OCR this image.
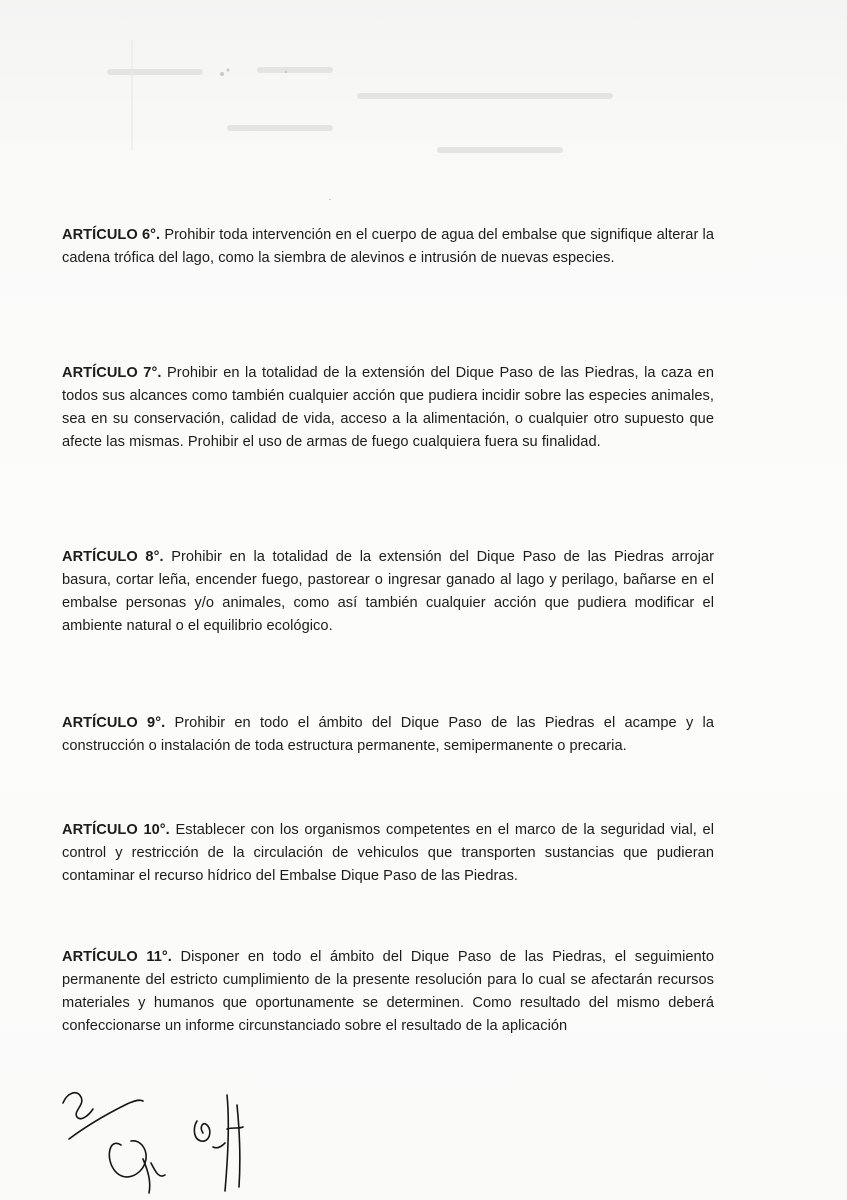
ARTÍCULO 6°. Prohibir toda intervención en el cuerpo de agua del embalse que signifique alterar la cadena trófica del lago, como la siembra de alevinos e intrusión de nuevas especies.
ARTÍCULO 7°. Prohibir en la totalidad de la extensión del Dique Paso de las Piedras, la caza en todos sus alcances como también cualquier acción que pudiera incidir sobre las especies animales, sea en su conservación, calidad de vida, acceso a la alimentación, o cualquier otro supuesto que afecte las mismas. Prohibir el uso de armas de fuego cualquiera fuera su finalidad.
ARTÍCULO 8°. Prohibir en la totalidad de la extensión del Dique Paso de las Piedras arrojar basura, cortar leña, encender fuego, pastorear o ingresar ganado al lago y perilago, bañarse en el embalse personas y/o animales, como así también cualquier acción que pudiera modificar el ambiente natural o el equilibrio ecológico.
ARTÍCULO 9°. Prohibir en todo el ámbito del Dique Paso de las Piedras el acampe y la construcción o instalación de toda estructura permanente, semipermanente o precaria.
ARTÍCULO 10°. Establecer con los organismos competentes en el marco de la seguridad vial, el control y restricción de la circulación de vehiculos que transporten sustancias que pudieran contaminar el recurso hídrico del Embalse Dique Paso de las Piedras.
ARTÍCULO 11°. Disponer en todo el ámbito del Dique Paso de las Piedras, el seguimiento permanente del estricto cumplimiento de la presente resolución para lo cual se afectarán recursos materiales y humanos que oportunamente se determinen. Como resultado del mismo deberá confeccionarse un informe circunstanciado sobre el resultado de la aplicación
